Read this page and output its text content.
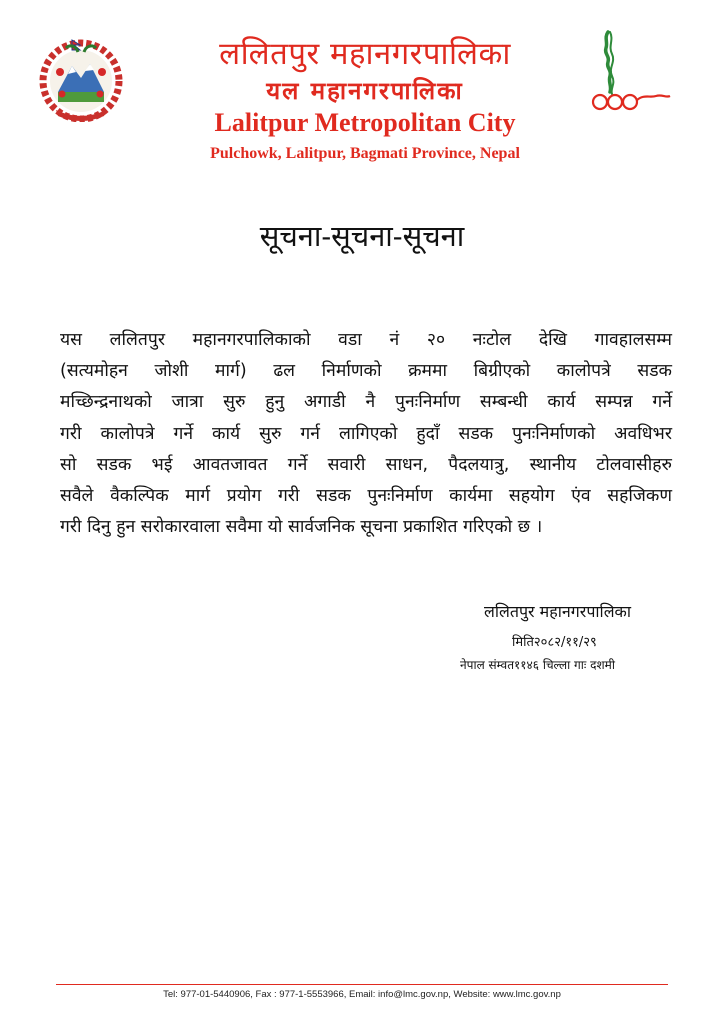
ललितपुर महानगरपालिका
यल महानगरपालिका
Lalitpur Metropolitan City
Pulchowk, Lalitpur, Bagmati Province, Nepal
सूचना-सूचना-सूचना
यस ललितपुर महानगरपालिकाको वडा नं २० नःटोल देखि गावहालसम्म
(सत्यमोहन जोशी मार्ग) ढल निर्माणको क्रममा बिग्रीएको कालोपत्रे सडक
मच्छिन्द्रनाथको जात्रा सुरु हुनु अगाडी नै पुनःनिर्माण सम्बन्धी कार्य सम्पन्न गर्ने
गरी कालोपत्रे गर्ने कार्य सुरु गर्न लागिएको हुदाँ सडक पुनःनिर्माणको अवधिभर
सो सडक भई आवतजावत गर्ने सवारी साधन, पैदलयात्रु, स्थानीय टोलवासीहरु
सवैले वैकल्पिक मार्ग प्रयोग गरी सडक पुनःनिर्माण कार्यमा सहयोग एंव सहजिकण
गरी दिनु हुन सरोकारवाला सवैमा यो सार्वजनिक सूचना प्रकाशित गरिएको छ ।
ललितपुर महानगरपालिका
मिति२०८२/११/२९
नेपाल संम्वत११४६ चिल्ला गाः दशमी
Tel: 977-01-5440906, Fax : 977-1-5553966, Email: info@lmc.gov.np, Website: www.lmc.gov.np
